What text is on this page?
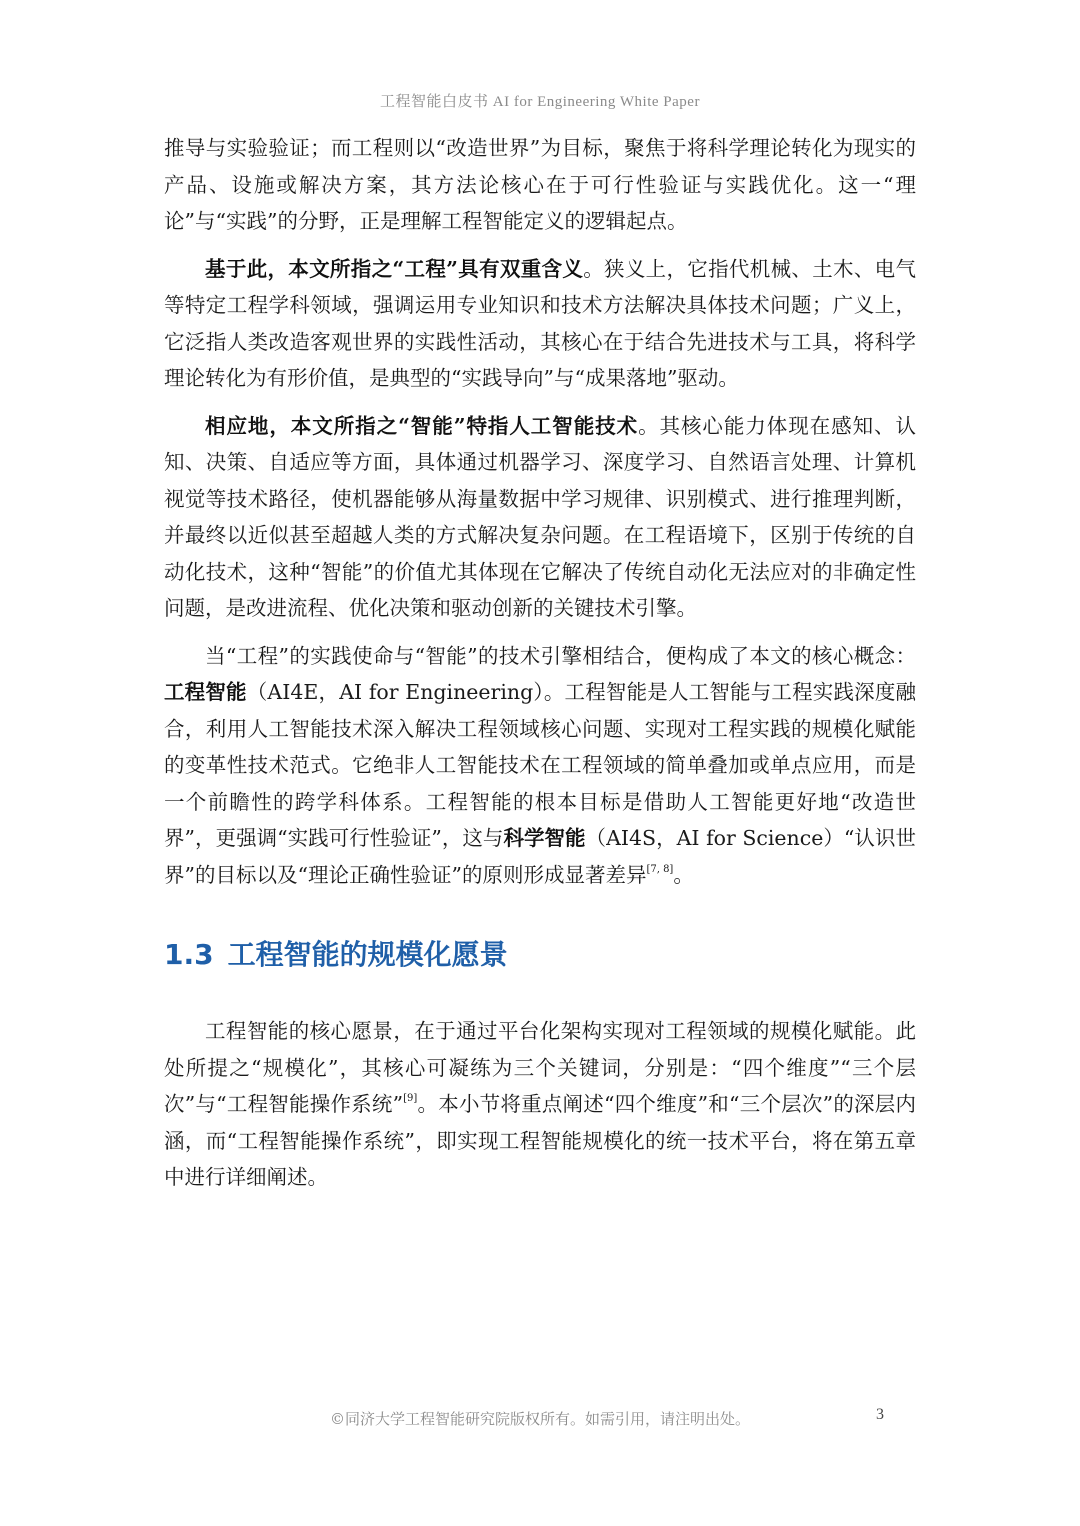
工程智能白皮书 AI for Engineering White Paper

推导与实验验证；而工程则以“改造世界”为目标，聚焦于将科学理论转化为现实的产品、设施或解决方案，其方法论核心在于可行性验证与实践优化。这一“理论”与“实践”的分野，正是理解工程智能定义的逻辑起点。

基于此，本文所指之“工程”具有双重含义。狭义上，它指代机械、土木、电气等特定工程学科领域，强调运用专业知识和技术方法解决具体技术问题；广义上，它泛指人类改造客观世界的实践性活动，其核心在于结合先进技术与工具，将科学理论转化为有形价值，是典型的“实践导向”与“成果落地”驱动。

相应地，本文所指之“智能”特指人工智能技术。其核心能力体现在感知、认知、决策、自适应等方面，具体通过机器学习、深度学习、自然语言处理、计算机视觉等技术路径，使机器能够从海量数据中学习规律、识别模式、进行推理判断，并最终以近似甚至超越人类的方式解决复杂问题。在工程语境下，区别于传统的自动化技术，这种“智能”的价值尤其体现在它解决了传统自动化无法应对的非确定性问题，是改进流程、优化决策和驱动创新的关键技术引擎。

当“工程”的实践使命与“智能”的技术引擎相结合，便构成了本文的核心概念：工程智能（AI4E，AI for Engineering）。工程智能是人工智能与工程实践深度融合，利用人工智能技术深入解决工程领域核心问题、实现对工程实践的规模化赋能的变革性技术范式。它绝非人工智能技术在工程领域的简单叠加或单点应用，而是一个前瞻性的跨学科体系。工程智能的根本目标是借助人工智能更好地“改造世界”，更强调“实践可行性验证”，这与科学智能（AI4S，AI for Science）“认识世界”的目标以及“理论正确性验证”的原则形成显著差异[7, 8]。

1.3 工程智能的规模化愿景

工程智能的核心愿景，在于通过平台化架构实现对工程领域的规模化赋能。此处所提之“规模化”，其核心可凝练为三个关键词，分别是：“四个维度”“三个层次”与“工程智能操作系统”[9]。本小节将重点阐述“四个维度”和“三个层次”的深层内涵，而“工程智能操作系统”，即实现工程智能规模化的统一技术平台，将在第五章中进行详细阐述。

©同济大学工程智能研究院版权所有。如需引用，请注明出处。	3
